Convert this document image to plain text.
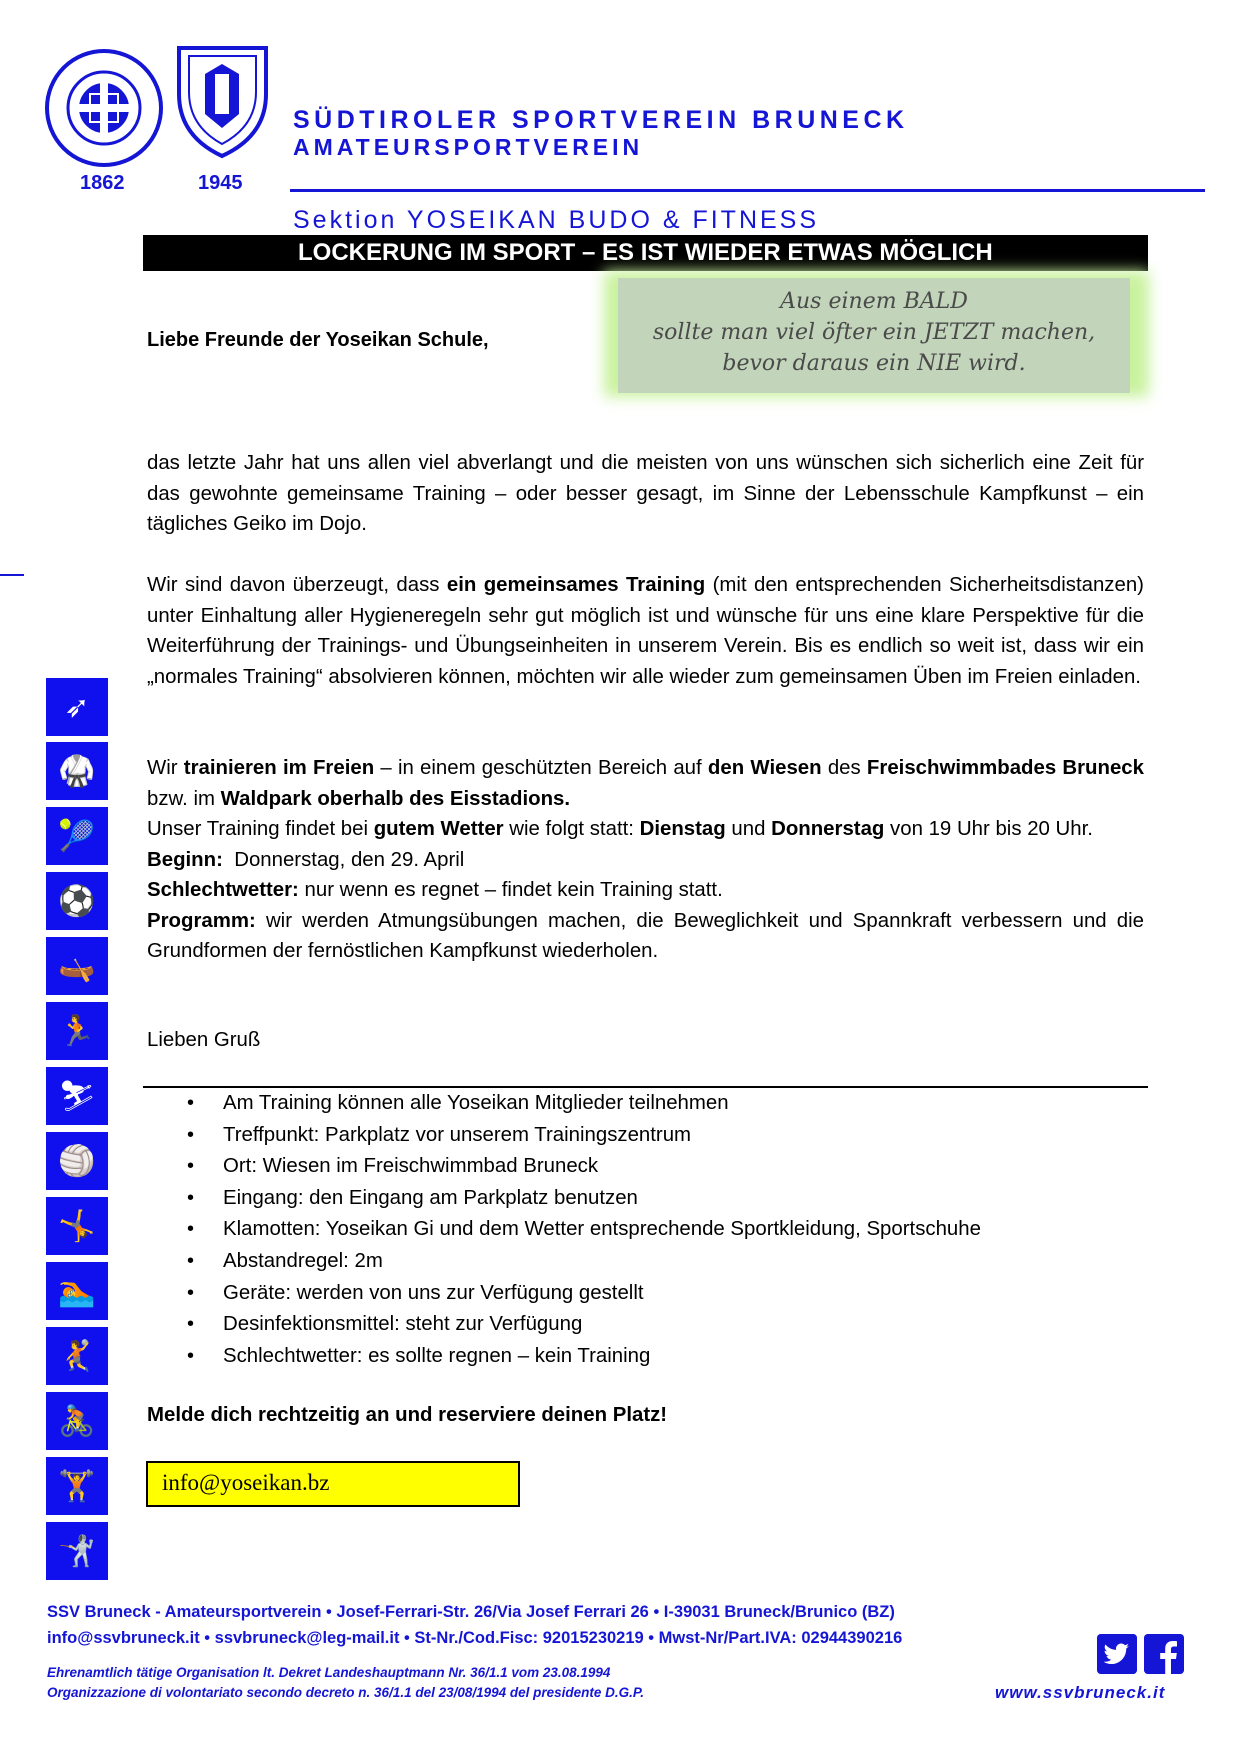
1862	1945
SÜDTIROLER SPORTVEREIN BRUNECK
AMATEURSPORTVEREIN
Sektion YOSEIKAN BUDO & FITNESS
LOCKERUNG IM SPORT – ES IST WIEDER ETWAS MÖGLICH
Aus einem BALD
sollte man viel öfter ein JETZT machen,
bevor daraus ein NIE wird.
Liebe Freunde der Yoseikan Schule,

das letzte Jahr hat uns allen viel abverlangt und die meisten von uns wünschen sich sicherlich eine Zeit für das gewohnte gemeinsame Training – oder besser gesagt, im Sinne der Lebensschule Kampfkunst – ein tägliches Geiko im Dojo.

Wir sind davon überzeugt, dass ein gemeinsames Training (mit den entsprechenden Sicherheitsdistanzen) unter Einhaltung aller Hygieneregeln sehr gut möglich ist und wünsche für uns eine klare Perspektive für die Weiterführung der Trainings- und Übungseinheiten in unserem Verein. Bis es endlich so weit ist, dass wir ein „normales Training“ absolvieren können, möchten wir alle wieder zum gemeinsamen Üben im Freien einladen.

Wir trainieren im Freien – in einem geschützten Bereich auf den Wiesen des Freischwimmbades Bruneck bzw. im Waldpark oberhalb des Eisstadions.

Unser Training findet bei gutem Wetter wie folgt statt: Dienstag und Donnerstag von 19 Uhr bis 20 Uhr.

Beginn:  Donnerstag, den 29. April

Schlechtwetter: nur wenn es regnet – findet kein Training statt.

Programm: wir werden Atmungsübungen machen, die Beweglichkeit und Spannkraft verbessern und die Grundformen der fernöstlichen Kampfkunst wiederholen.

Lieben Gruß

• Am Training können alle Yoseikan Mitglieder teilnehmen
• Treffpunkt: Parkplatz vor unserem Trainingszentrum
• Ort: Wiesen im Freischwimmbad Bruneck
• Eingang: den Eingang am Parkplatz benutzen
• Klamotten: Yoseikan Gi und dem Wetter entsprechende Sportkleidung, Sportschuhe
• Abstandregel: 2m
• Geräte: werden von uns zur Verfügung gestellt
• Desinfektionsmittel: steht zur Verfügung
• Schlechtwetter: es sollte regnen – kein Training
Melde dich rechtzeitig an und reserviere deinen Platz!
info@yoseikan.bz
➶
🥋
🎾
⚽
🛶
🏃
⛷
🏐
🤸
🏊
🤾
🚴
🏋
🤺
SSV Bruneck - Amateursportverein • Josef-Ferrari-Str. 26/Via Josef Ferrari 26 • I-39031 Bruneck/Brunico (BZ)
info@ssvbruneck.it • ssvbruneck@leg-mail.it • St-Nr./Cod.Fisc: 92015230219 • Mwst-Nr/Part.IVA: 02944390216
Ehrenamtlich tätige Organisation lt. Dekret Landeshauptmann Nr. 36/1.1 vom 23.08.1994
Organizzazione di volontariato secondo decreto n. 36/1.1 del 23/08/1994 del presidente D.G.P.	www.ssvbruneck.it
